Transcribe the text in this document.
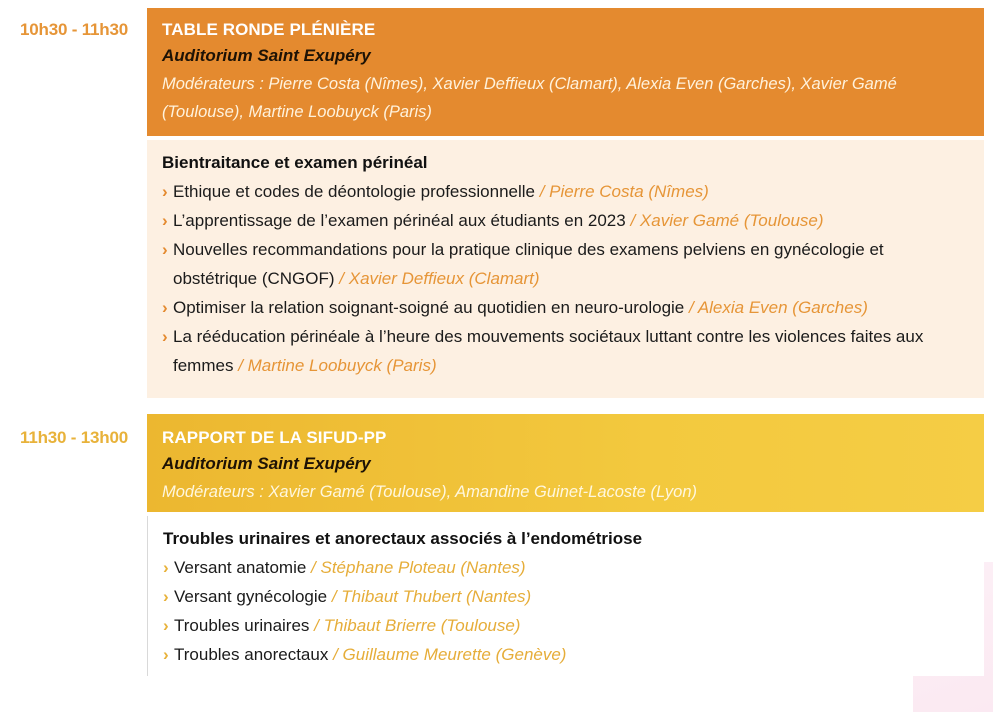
10h30 - 11h30 TABLE RONDE PLÉNIÈRE
Auditorium Saint Exupéry
Modérateurs : Pierre Costa (Nîmes), Xavier Deffieux (Clamart), Alexia Even (Garches), Xavier Gamé
(Toulouse), Martine Loobuyck (Paris)
Bientraitance et examen périnéal
› Ethique et codes de déontologie professionnelle / Pierre Costa (Nîmes)
› L’apprentissage de l’examen périnéal aux étudiants en 2023 / Xavier Gamé (Toulouse)
› Nouvelles recommandations pour la pratique clinique des examens pelviens en gynécologie et obstétrique (CNGOF) / Xavier Deffieux (Clamart)
› Optimiser la relation soignant-soigné au quotidien en neuro-urologie / Alexia Even (Garches)
› La rééducation périnéale à l’heure des mouvements sociétaux luttant contre les violences faites aux femmes / Martine Loobuyck (Paris)
11h30 - 13h00 RAPPORT DE LA SIFUD-PP
Auditorium Saint Exupéry
Modérateurs : Xavier Gamé (Toulouse), Amandine Guinet-Lacoste (Lyon)
Troubles urinaires et anorectaux associés à l’endométriose
› Versant anatomie / Stéphane Ploteau (Nantes)
› Versant gynécologie / Thibaut Thubert (Nantes)
› Troubles urinaires / Thibaut Brierre (Toulouse)
› Troubles anorectaux / Guillaume Meurette (Genève)
